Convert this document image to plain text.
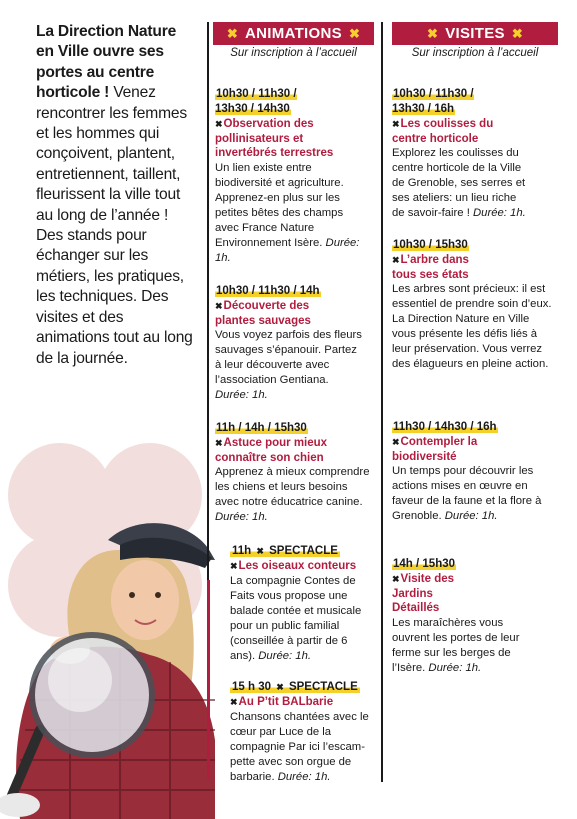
La Direction Nature en Ville ouvre ses portes au centre horticole ! Venez rencontrer les femmes et les hommes qui conçoivent, plantent, entretiennent, taillent, fleurissent la ville tout au long de l’année ! Des stands pour échanger sur les métiers, les pratiques, les techniques. Des visites et des animations tout au long de la journée.
✖ ANIMATIONS ✖
Sur inscription à l’accueil
10h30 / 11h30 / 13h30 / 14h30
✖Observation des pollinisateurs et invertébrés terrestres
Un lien existe entre biodiversité et agriculture. Apprenez-en plus sur les petites bêtes des champs avec France Nature Environnement Isère. Durée: 1h.
10h30 / 11h30 / 14h
✖Découverte des plantes sauvages
Vous voyez parfois des fleurs sauvages s’épanouir. Partez à leur découverte avec l’association Gentiana. Durée: 1h.
11h / 14h / 15h30
✖Astuce pour mieux connaître son chien
Apprenez à mieux comprendre les chiens et leurs besoins avec notre éducatrice canine. Durée: 1h.
11h ✖ SPECTACLE
✖Les oiseaux conteurs
La compagnie Contes de Faits vous propose une balade contée et musicale pour un public familial (conseillée à partir de 6 ans). Durée: 1h.
15 h 30 ✖ SPECTACLE
✖Au P’tit BALbarie
Chansons chantées avec le cœur par Luce de la compagnie Par ici l’escam-pette avec son orgue de barbarie. Durée: 1h.
✖ VISITES ✖
Sur inscription à l’accueil
10h30 / 11h30 / 13h30 / 16h
✖Les coulisses du centre horticole
Explorez les coulisses du centre horticole de la Ville de Grenoble, ses serres et ses ateliers: un lieu riche de savoir-faire ! Durée: 1h.
10h30 / 15h30
✖L’arbre dans tous ses états
Les arbres sont précieux: il est essentiel de prendre soin d’eux. La Direction Nature en Ville vous présente les défis liés à leur préservation. Vous verrez des élagueurs en pleine action.
11h30 / 14h30 / 16h
✖Contempler la biodiversité
Un temps pour découvrir les actions mises en œuvre en faveur de la faune et la flore à Grenoble. Durée: 1h.
14h / 15h30
✖Visite des Jardins Détaillés
Les maraîchères vous ouvrent les portes de leur ferme sur les berges de l’Isère. Durée: 1h.
